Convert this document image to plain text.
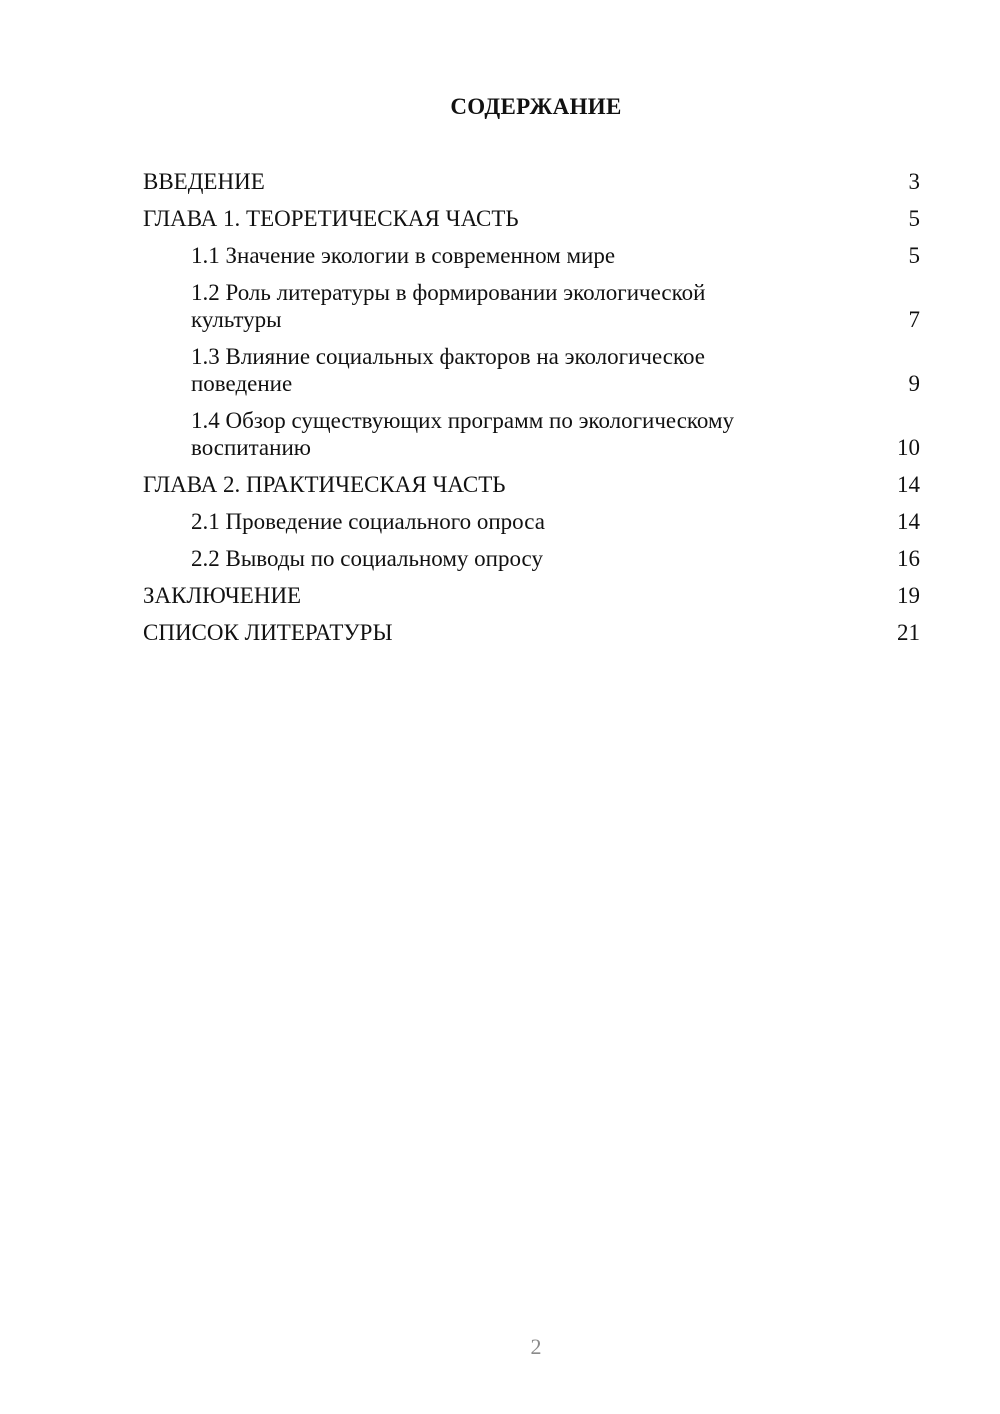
СОДЕРЖАНИЕ
ВВЕДЕНИЕ	3
ГЛАВА 1. ТЕОРЕТИЧЕСКАЯ ЧАСТЬ	5
1.1 Значение экологии в современном мире	5
1.2 Роль литературы в формировании экологической культуры	7
1.3 Влияние социальных факторов на экологическое поведение	9
1.4 Обзор существующих программ по экологическому воспитанию	10
ГЛАВА 2. ПРАКТИЧЕСКАЯ ЧАСТЬ	14
2.1 Проведение социального опроса	14
2.2 Выводы по социальному опросу	16
ЗАКЛЮЧЕНИЕ	19
СПИСОК ЛИТЕРАТУРЫ	21
2
